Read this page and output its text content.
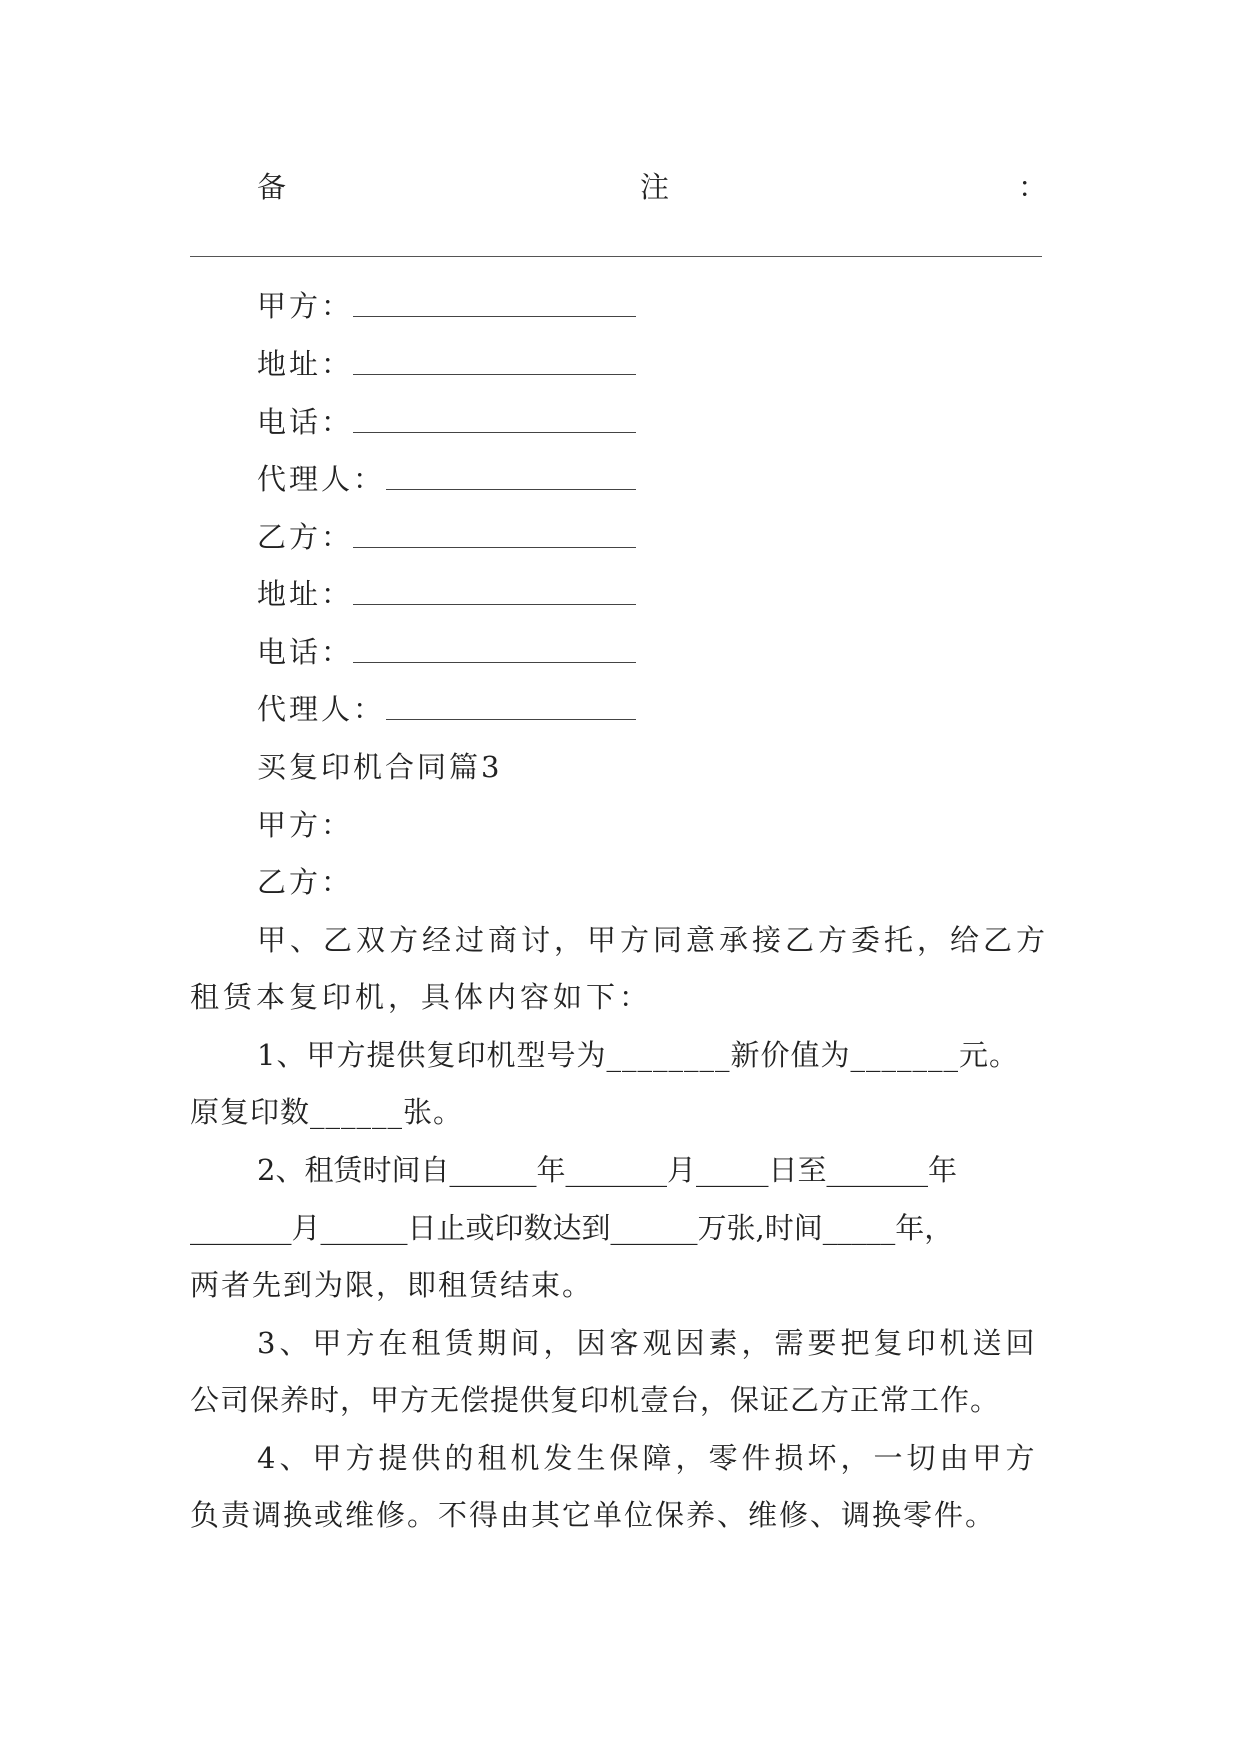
备	注	：
甲方：
地址：
电话：
代理人：
乙方：
地址：
电话：
代理人：
买复印机合同篇3
甲方：
乙方：
甲、乙双方经过商讨，甲方同意承接乙方委托，给乙方
租赁本复印机，具体内容如下：
1、甲方提供复印机型号为________新价值为_______元。
原复印数______张。
2、租赁时间自______年_______月_____日至_______年
_______月______日止或印数达到______万张,时间_____年，
两者先到为限，即租赁结束。
3、甲方在租赁期间，因客观因素，需要把复印机送回
公司保养时，甲方无偿提供复印机壹台，保证乙方正常工作。
4、甲方提供的租机发生保障，零件损坏，一切由甲方
负责调换或维修。不得由其它单位保养、维修、调换零件。
